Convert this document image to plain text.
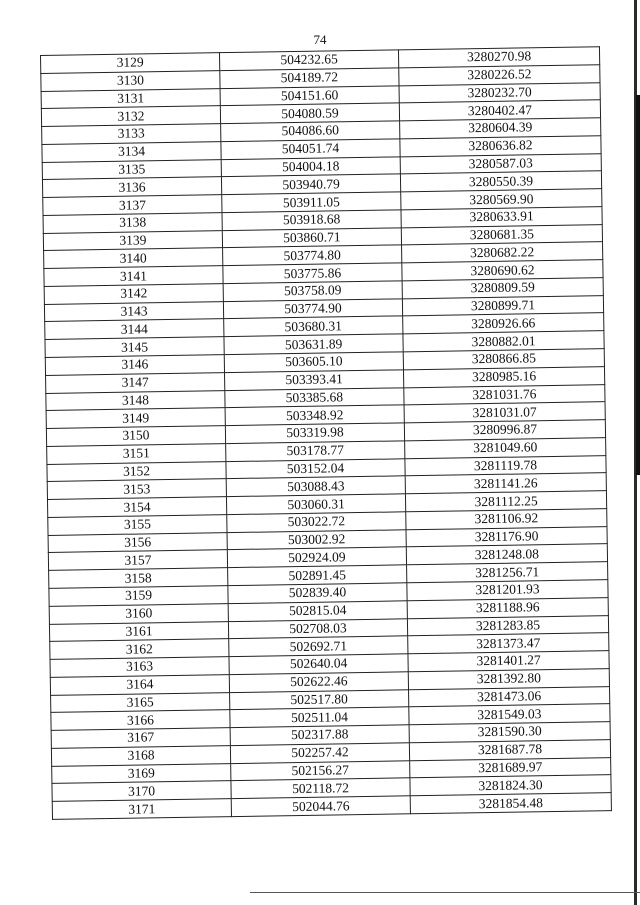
74
3129	504232.65	3280270.98
3130	504189.72	3280226.52
3131	504151.60	3280232.70
3132	504080.59	3280402.47
3133	504086.60	3280604.39
3134	504051.74	3280636.82
3135	504004.18	3280587.03
3136	503940.79	3280550.39
3137	503911.05	3280569.90
3138	503918.68	3280633.91
3139	503860.71	3280681.35
3140	503774.80	3280682.22
3141	503775.86	3280690.62
3142	503758.09	3280809.59
3143	503774.90	3280899.71
3144	503680.31	3280926.66
3145	503631.89	3280882.01
3146	503605.10	3280866.85
3147	503393.41	3280985.16
3148	503385.68	3281031.76
3149	503348.92	3281031.07
3150	503319.98	3280996.87
3151	503178.77	3281049.60
3152	503152.04	3281119.78
3153	503088.43	3281141.26
3154	503060.31	3281112.25
3155	503022.72	3281106.92
3156	503002.92	3281176.90
3157	502924.09	3281248.08
3158	502891.45	3281256.71
3159	502839.40	3281201.93
3160	502815.04	3281188.96
3161	502708.03	3281283.85
3162	502692.71	3281373.47
3163	502640.04	3281401.27
3164	502622.46	3281392.80
3165	502517.80	3281473.06
3166	502511.04	3281549.03
3167	502317.88	3281590.30
3168	502257.42	3281687.78
3169	502156.27	3281689.97
3170	502118.72	3281824.30
3171	502044.76	3281854.48
